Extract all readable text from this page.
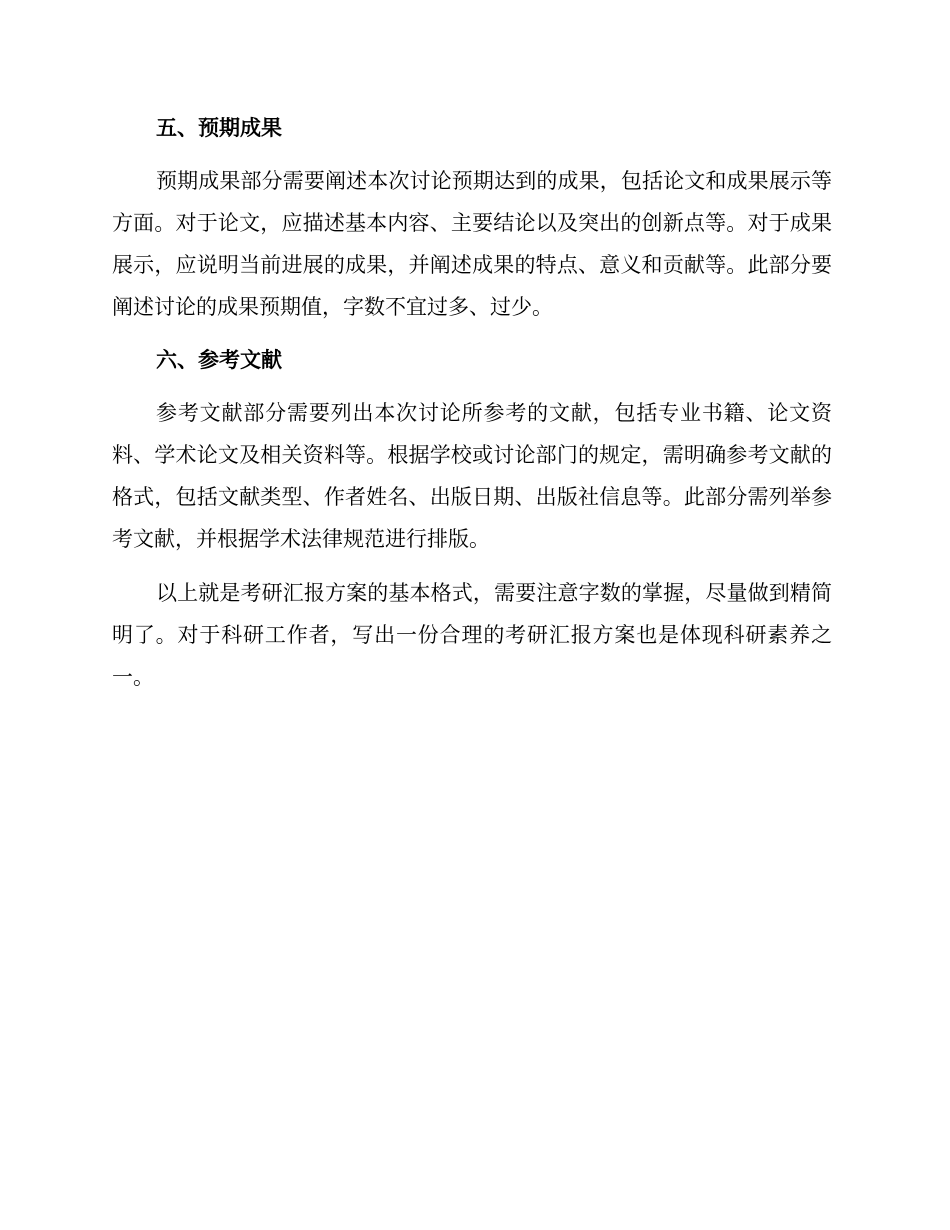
五、预期成果

预期成果部分需要阐述本次讨论预期达到的成果，包括论文和成果展示等方面。对于论文，应描述基本内容、主要结论以及突出的创新点等。对于成果展示，应说明当前进展的成果，并阐述成果的特点、意义和贡献等。此部分要阐述讨论的成果预期值，字数不宜过多、过少。

六、参考文献

参考文献部分需要列出本次讨论所参考的文献，包括专业书籍、论文资料、学术论文及相关资料等。根据学校或讨论部门的规定，需明确参考文献的格式，包括文献类型、作者姓名、出版日期、出版社信息等。此部分需列举参考文献，并根据学术法律规范进行排版。

以上就是考研汇报方案的基本格式，需要注意字数的掌握，尽量做到精简明了。对于科研工作者，写出一份合理的考研汇报方案也是体现科研素养之一。
